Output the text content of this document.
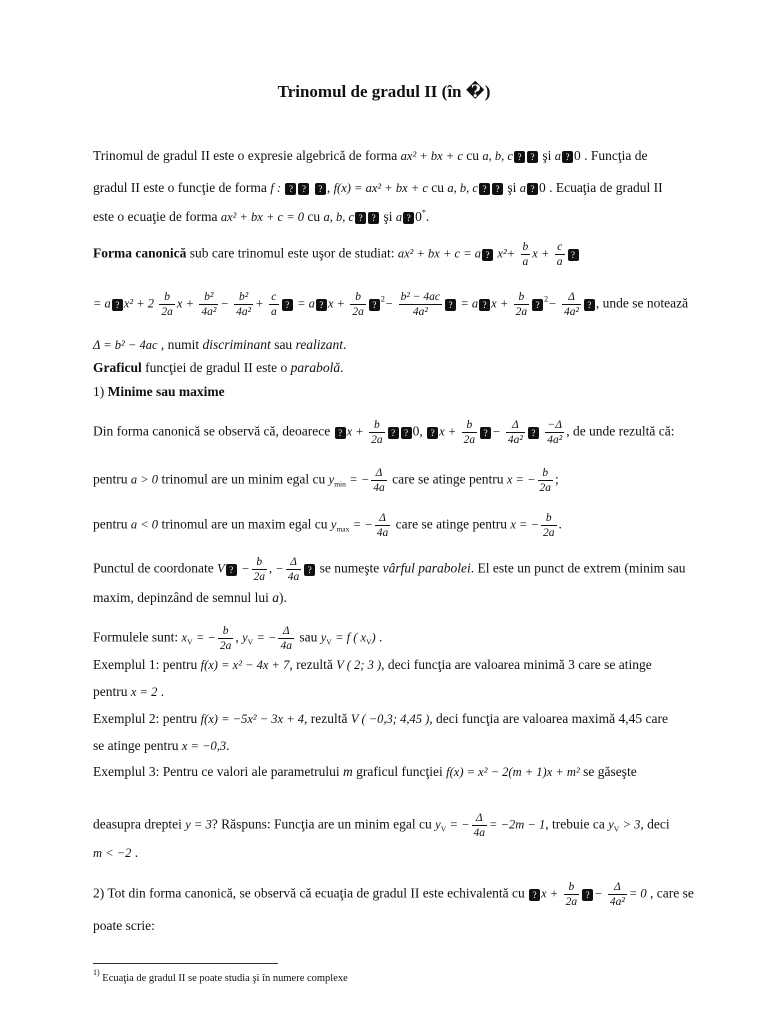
Trinomul de gradul II (în �)
Trinomul de gradul II este o expresie algebrică de forma ax² + bx + c cu a, b, c ? ? şi a ? 0 . Funcţia de
gradul II este o funcţie de forma f : ? ? ?	, f(x) = ax² + bx + c cu a, b, c ? ? şi a ? 0 . Ecuaţia de gradul II
este o ecuaţie de forma ax² + bx + c = 0 cu a, b, c ? ? şi a ? 0*.
Forma canonică sub care trinomul este uşor de studiat: ax² + bx + c = a ? $x^2+ \frac{b}{a}$ $x + \frac{c}{a}$
?
= a ? $x^2 + 2 \frac{b}{2a}$ $x + \frac{\text{b²}}{\text{4a²}} - \frac{\text{b²}}{\text{4a²}} + \frac{c}{a}$ ? = a ? $x + \frac{b}{2a}$ ? $^2- \frac{\text{b² − 4ac}}{\text{4a²}}$ ? = a ? $x + \frac{b}{2a}$ ? $^2- \frac{\Delta}{\text{4a²}}$ ? , unde se notează
Δ = b² − 4ac , numit discriminant sau realizant.
Graficul funcţiei de gradul II este o parabolă.
1) Minime sau maxime
Din forma canonică se observă că, deoarece ? $x + \frac{b}{2a}$ ? ? 0, ?x + $\frac{b}{2a}$ ? − $\frac{\Delta}{\text{4a²}}$
? $\frac{-\Delta}{\text{4a²}}$ , de unde rezultă că:
pentru a > 0 trinomul are un minim egal cu $y_{min}$ = − $\frac{\Delta}{4a}$ care se atinge pentru x = − $\frac{b}{2a}$ ;
pentru a < 0 trinomul are un maxim egal cu $y_{max}$ = − $\frac{\Delta}{4a}$ care se atinge pentru x = − $\frac{b}{2a}$ .
Punctul de coordonate V ? − $\frac{b}{2a}$ , − $\frac{\Delta}{4a}$ ? se numeşte vârful parabolei. El este un punct de extrem (minim sau
maxim, depinzând de semnul lui a).
Formulele sunt: $x_V$ = − $\frac{b}{2a}$ , $y_V$ = − $\frac{\Delta}{4a}$ sau $y_V = f$ ( $x_V$) .
Exemplul 1: pentru f(x) = x² − 4x + 7, rezultă V ( 2; 3 ), deci funcţia are valoarea minimă 3 care se atinge
pentru x = 2 .
Exemplul 2: pentru f(x) = −5x² − 3x + 4, rezultă V ( −0,3; 4,45 ), deci funcţia are valoarea maximă 4,45 care
se atinge pentru x = −0,3.
Exemplul 3: Pentru ce valori ale parametrului m graficul funcţiei f(x) = x² − 2(m + 1)x + m² se găseşte
deasupra dreptei y = 3? Răspuns: Funcţia are un minim egal cu $y_V$ = − $\frac{\Delta}{4a} = -2m - 1$, trebuie ca $y_V > 3$, deci
m < −2 .
2) Tot din forma canonică, se observă că ecuaţia de gradul II este echivalentă cu ? $x + \frac{b}{2a}$ ? − $\frac{\Delta}{\text{4a²}} = 0$ , care se
poate scrie:
$^{1)}$ Ecuaţia de gradul II se poate studia şi în numere complexe
